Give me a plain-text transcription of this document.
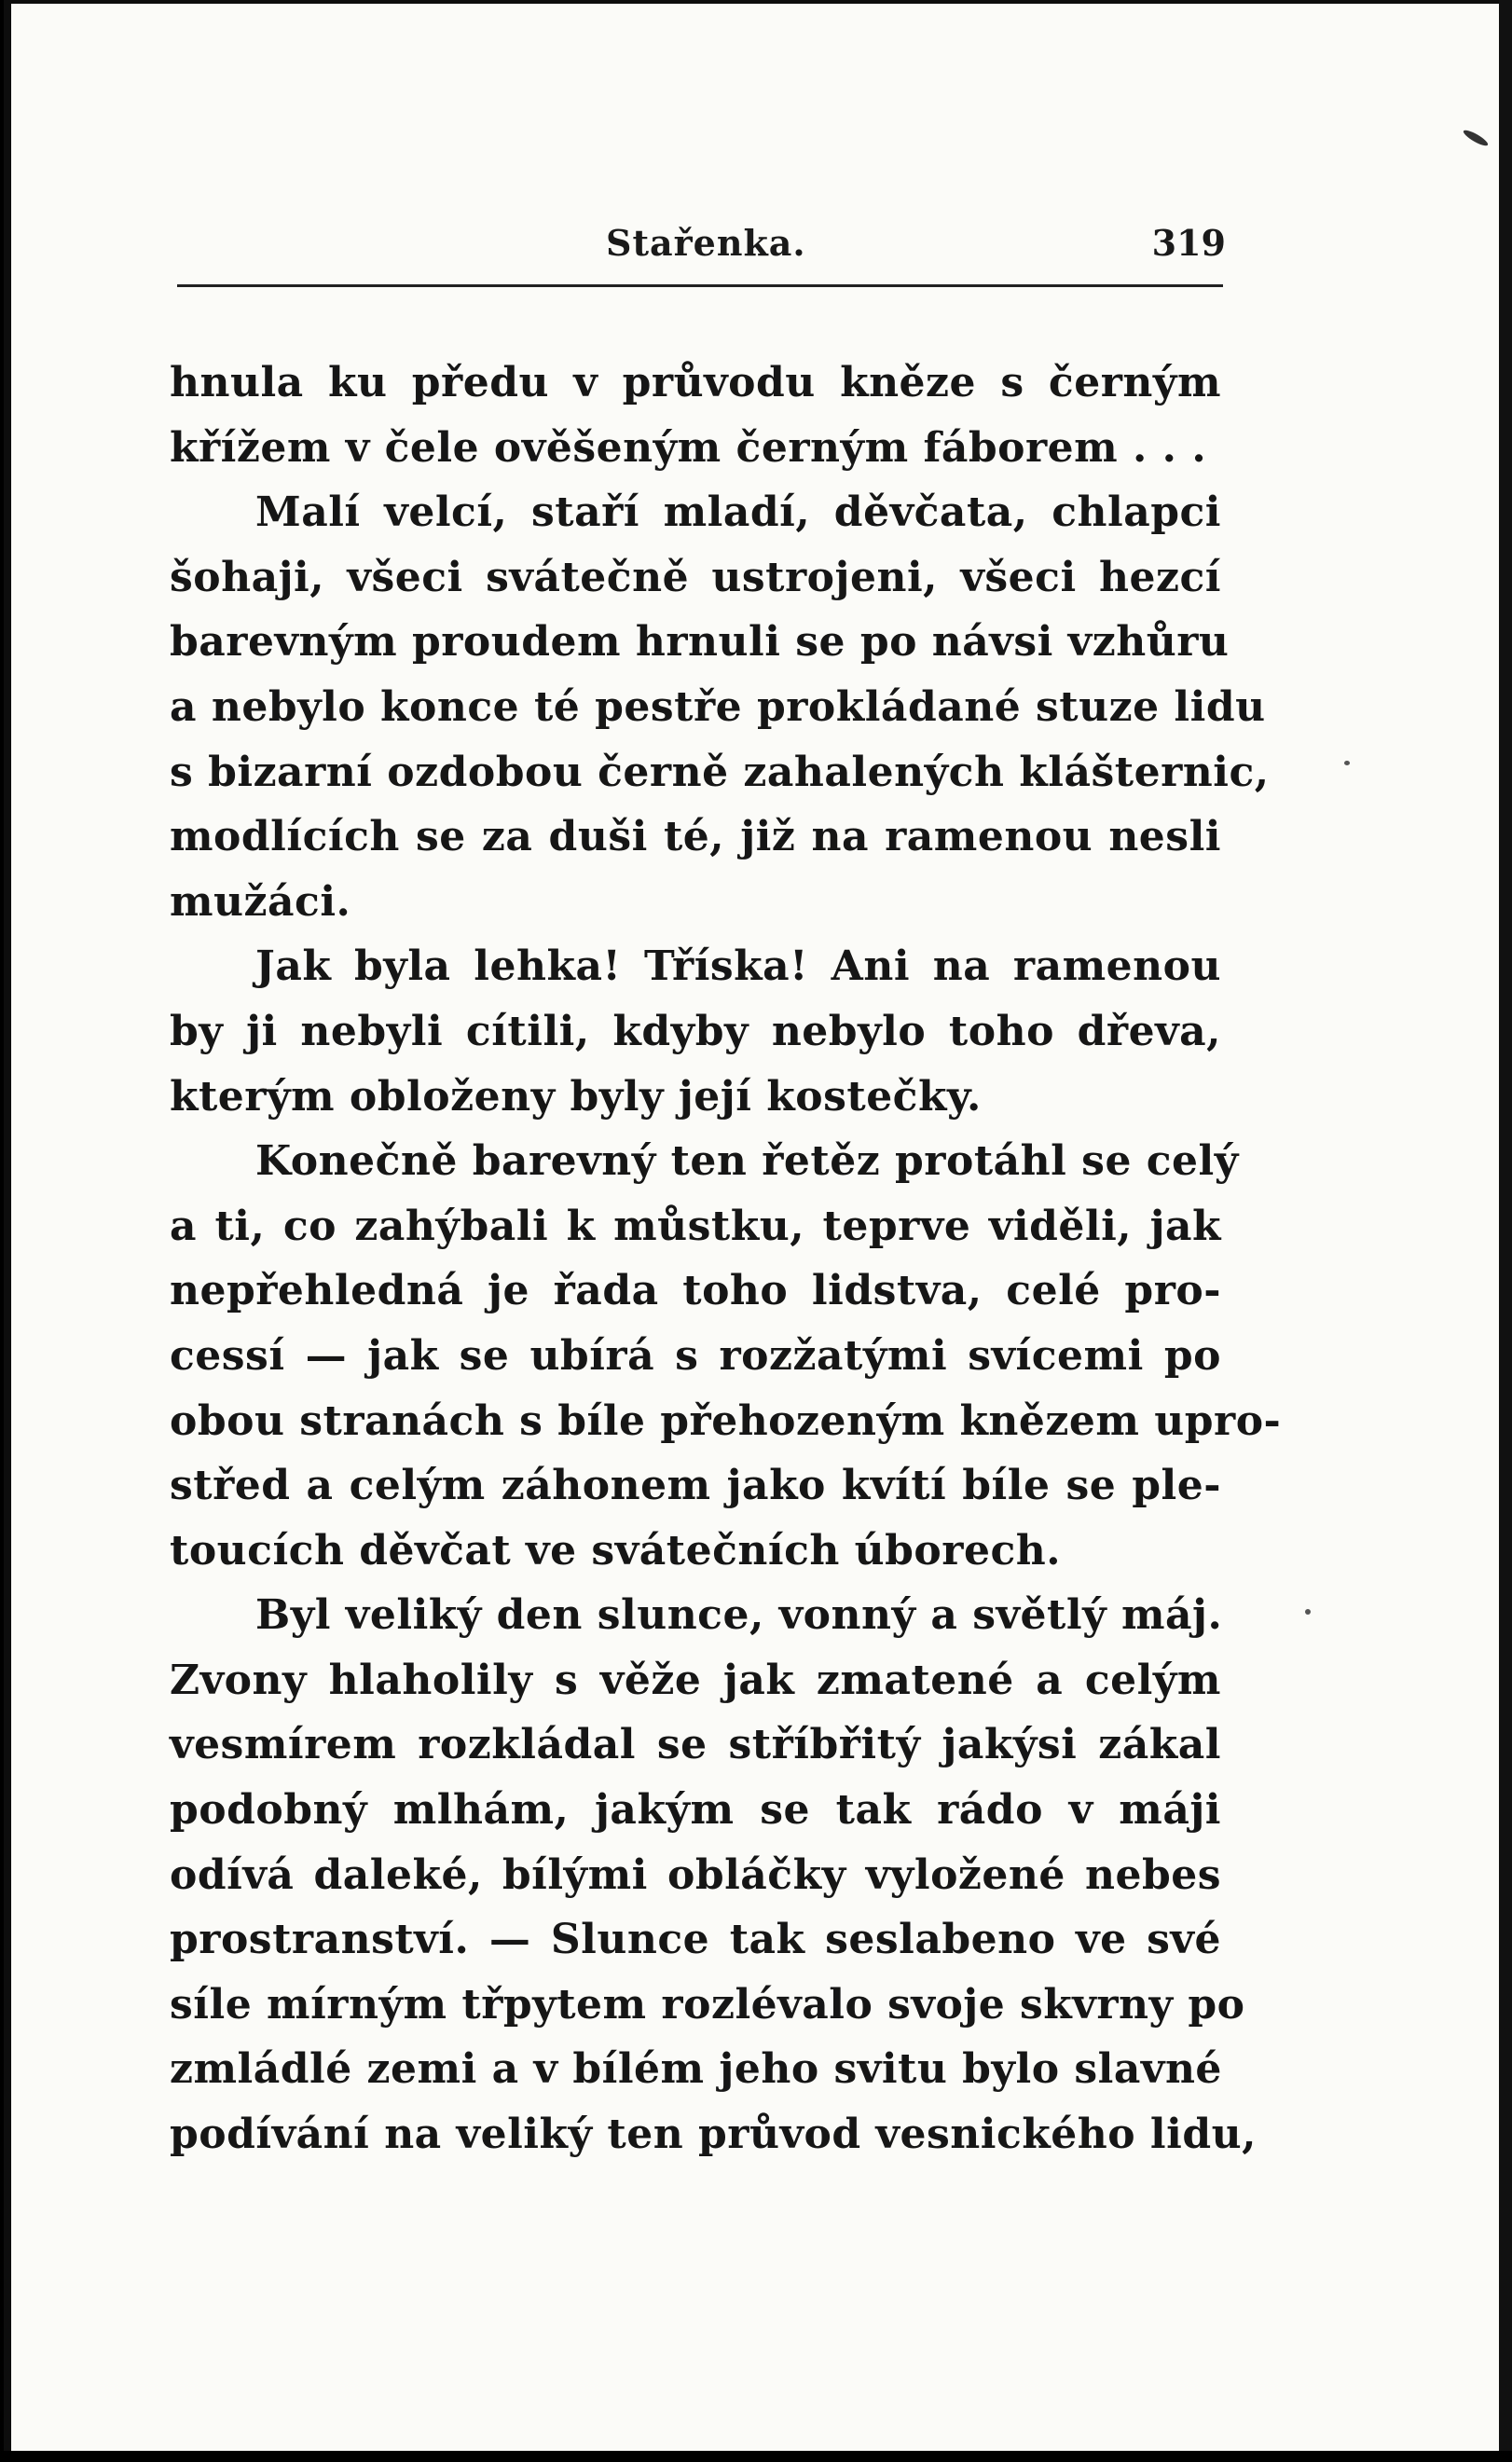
Stařenka.	319
hnula ku předu v průvodu kněze s černým
křížem v čele ověšeným černým fáborem . . .
Malí velcí, staří mladí, děvčata, chlapci
šohaji, všeci svátečně ustrojeni, všeci hezcí
barevným proudem hrnuli se po návsi vzhůru
a nebylo konce té pestře prokládané stuze lidu
s bizarní ozdobou černě zahalených klášternic,
modlících se za duši té, již na ramenou nesli
mužáci.
Jak byla lehka! Tříska! Ani na ramenou
by ji nebyli cítili, kdyby nebylo toho dřeva,
kterým obloženy byly její kostečky.
Konečně barevný ten řetěz protáhl se celý
a ti, co zahýbali k můstku, teprve viděli, jak
nepřehledná je řada toho lidstva, celé pro-
cessí — jak se ubírá s rozžatými svícemi po
obou stranách s bíle přehozeným knězem upro-
střed a celým záhonem jako kvítí bíle se ple-
toucích děvčat ve svátečních úborech.
Byl veliký den slunce, vonný a světlý máj.
Zvony hlaholily s věže jak zmatené a celým
vesmírem rozkládal se stříbřitý jakýsi zákal
podobný mlhám, jakým se tak rádo v máji
odívá daleké, bílými obláčky vyložené nebes
prostranství. — Slunce tak seslabeno ve své
síle mírným třpytem rozlévalo svoje skvrny po
zmládlé zemi a v bílém jeho svitu bylo slavné
podívání na veliký ten průvod vesnického lidu,
